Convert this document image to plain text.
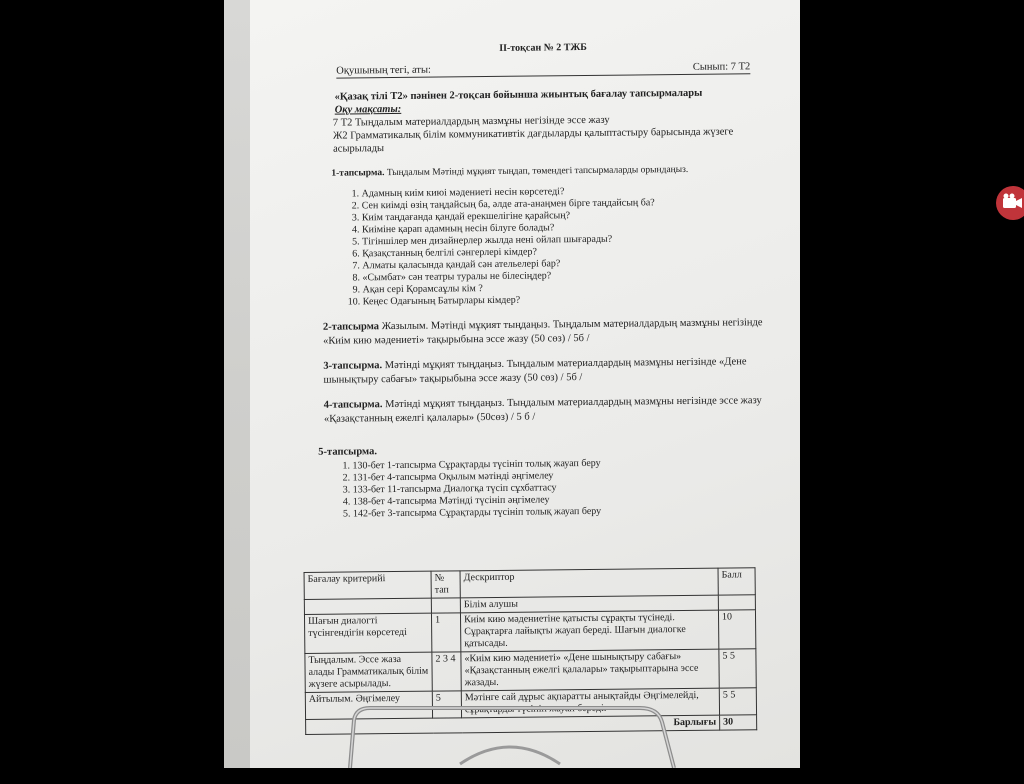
ІІ-тоқсан № 2 ТЖБ
Оқушының тегі, аты:	Сынып: 7 Т2
«Қазақ тілі Т2» пәнінен 2-тоқсан бойынша жиынтық бағалау тапсырмалары
Оқу мақсаты:
7 Т2 Тыңдалым материалдардың мазмұны негізінде эссе жазу
Ж2 Грамматикалық білім коммуникативтік дағдыларды қалыптастыру барысында жүзеге асырылады
1-тапсырма. Тыңдалым Мәтінді мұқият тыңдап, төмендегі тапсырмаларды орындаңыз.
1. Адамның киім киюі мәдениеті несін көрсетеді?
2. Сен киімді өзің таңдайсың ба, әлде ата-анаңмен бірге таңдайсың ба?
3. Киім таңдағанда қандай ерекшелігіне қарайсың?
4. Киіміне қарап адамның несін білуге болады?
5. Тігіншілер мен дизайнерлер жылда нені ойлап шығарады?
6. Қазақстанның белгілі сәнгерлері кімдер?
7. Алматы қаласында қандай сән ательелері бар?
8. «Сымбат» сән театры туралы не білесіңдер?
9. Ақан сері Қорамсаұлы кім ?
10. Кеңес Одағының Батырлары кімдер?
2-тапсырма Жазылым. Мәтінді мұқият тыңдаңыз. Тыңдалым материалдардың мазмұны негізінде «Киім кию мәдениеті» тақырыбына эссе жазу (50 сөз) / 5б /
3-тапсырма. Мәтінді мұқият тыңдаңыз. Тыңдалым материалдардың мазмұны негізінде «Дене шынықтыру сабағы» тақырыбына эссе жазу (50 сөз) / 5б /
4-тапсырма. Мәтінді мұқият тыңдаңыз. Тыңдалым материалдардың мазмұны негізінде эссе жазу «Қазақстанның ежелгі қалалары» (50сөз) / 5 б /
5-тапсырма.
1. 130-бет 1-тапсырма Сұрақтарды түсініп толық жауап беру
2. 131-бет 4-тапсырма Оқылым мәтінді әңгімелеу
3. 133-бет 11-тапсырма Диалогқа түсіп сұхбаттасу
4. 138-бет 4-тапсырма Мәтінді түсініп әңгімелеу
5. 142-бет 3-тапсырма Сұрақтарды түсініп толық жауап беру
Бағалау критерийі	№ тап	Дескриптор	Балл
		Білім алушы	
Шағын диалогті түсінгендігін көрсетеді	1	Киім кию мәдениетіне қатысты сұрақты түсінеді. Сұрақтарға лайықты жауап береді. Шағын диалогке қатысады.	10
Тыңдалым. Эссе жаза алады Грамматикалық білім жүзеге асырылады.	2 3 4	«Киім кию мәдениеті» «Дене шынықтыру сабағы» «Қазақстанның ежелгі қалалары» тақырыптарына эссе жазады.	5 5
Айтылым. Әңгімелеу	5	Мәтінге сай дұрыс ақпаратты анықтайды Әңгімелейді, сұрақтарды түсініп жауап береді.	5 5
Барлығы			30
